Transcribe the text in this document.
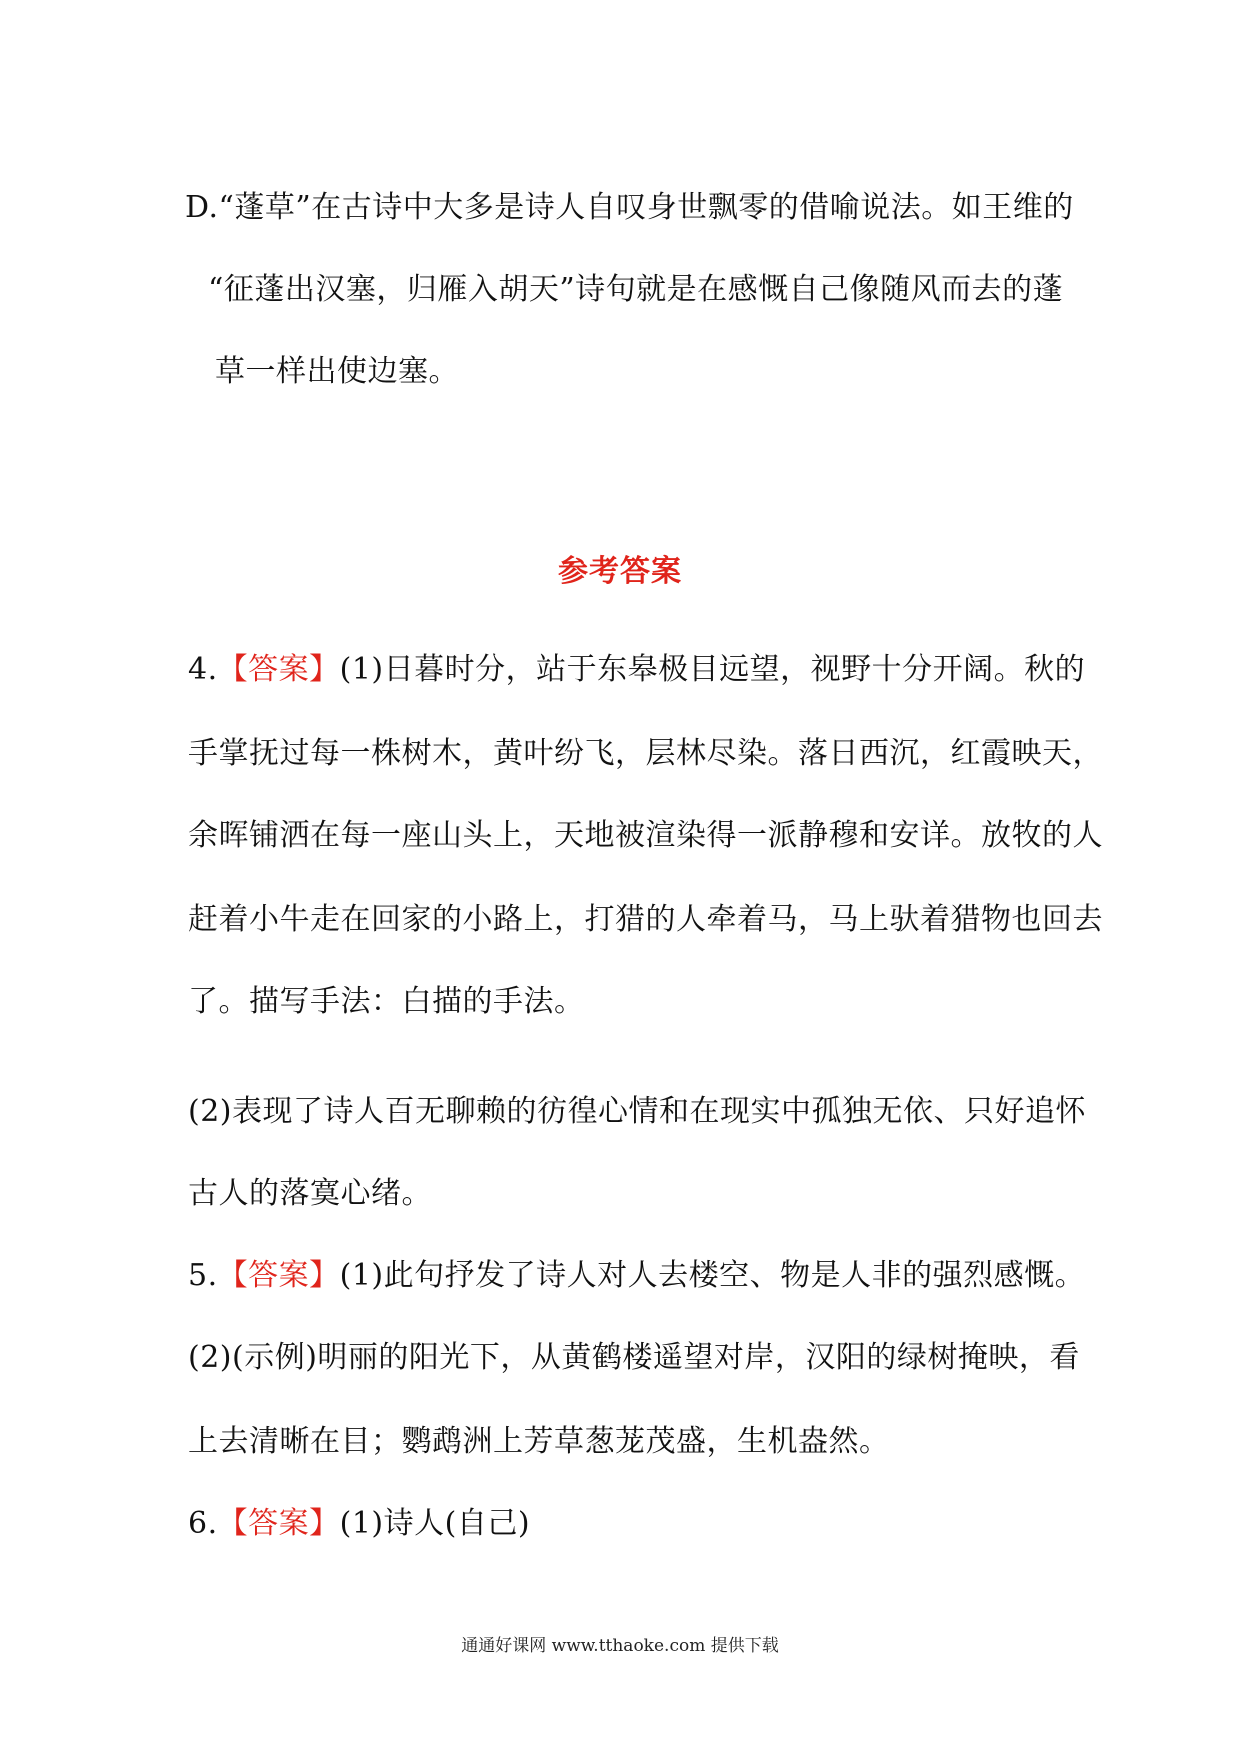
D.“蓬草”在古诗中大多是诗人自叹身世飘零的借喻说法。如王维的
“征蓬出汉塞，归雁入胡天”诗句就是在感慨自己像随风而去的蓬
草一样出使边塞。
参考答案
4.【答案】(1)日暮时分，站于东皋极目远望，视野十分开阔。秋的
手掌抚过每一株树木，黄叶纷飞，层林尽染。落日西沉，红霞映天，
余晖铺洒在每一座山头上，天地被渲染得一派静穆和安详。放牧的人
赶着小牛走在回家的小路上，打猎的人牵着马，马上驮着猎物也回去
了。描写手法：白描的手法。
(2)表现了诗人百无聊赖的彷徨心情和在现实中孤独无依、只好追怀
古人的落寞心绪。
5.【答案】(1)此句抒发了诗人对人去楼空、物是人非的强烈感慨。
(2)(示例)明丽的阳光下，从黄鹤楼遥望对岸，汉阳的绿树掩映，看
上去清晰在目；鹦鹉洲上芳草葱茏茂盛，生机盎然。
6.【答案】(1)诗人(自己)
通通好课网 www.tthaoke.com 提供下载
